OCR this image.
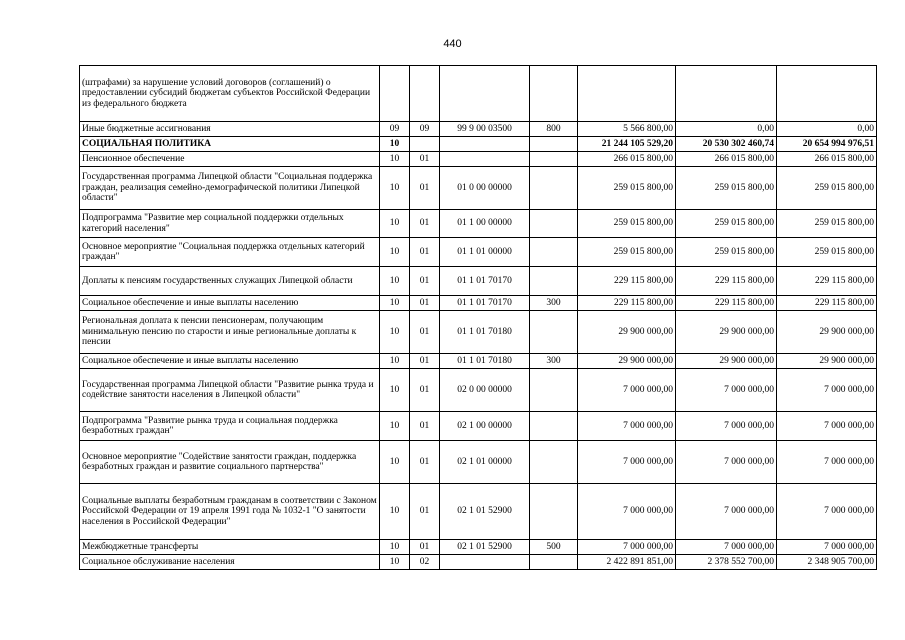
440
(штрафами) за нарушение условий договоров (соглашений) о предоставлении субсидий бюджетам субъектов Российской Федерации из федерального бюджета							
Иные бюджетные ассигнования	09	09	99 9 00 03500	800	5 566 800,00	0,00	0,00
СОЦИАЛЬНАЯ ПОЛИТИКА	10				21 244 105 529,20	20 530 302 460,74	20 654 994 976,51
Пенсионное обеспечение	10	01			266 015 800,00	266 015 800,00	266 015 800,00
Государственная программа Липецкой области "Социальная поддержка граждан, реализация семейно-демографической политики Липецкой области"	10	01	01 0 00 00000		259 015 800,00	259 015 800,00	259 015 800,00
Подпрограмма "Развитие мер социальной поддержки отдельных категорий населения"	10	01	01 1 00 00000		259 015 800,00	259 015 800,00	259 015 800,00
Основное мероприятие "Социальная поддержка отдельных категорий граждан"	10	01	01 1 01 00000		259 015 800,00	259 015 800,00	259 015 800,00
Доплаты к пенсиям государственных служащих Липецкой области	10	01	01 1 01 70170		229 115 800,00	229 115 800,00	229 115 800,00
Социальное обеспечение и иные выплаты населению	10	01	01 1 01 70170	300	229 115 800,00	229 115 800,00	229 115 800,00
Региональная доплата к пенсии пенсионерам, получающим минимальную пенсию по старости и иные региональные доплаты к пенсии	10	01	01 1 01 70180		29 900 000,00	29 900 000,00	29 900 000,00
Социальное обеспечение и иные выплаты населению	10	01	01 1 01 70180	300	29 900 000,00	29 900 000,00	29 900 000,00
Государственная программа Липецкой области "Развитие рынка труда и содействие занятости населения в Липецкой области"	10	01	02 0 00 00000		7 000 000,00	7 000 000,00	7 000 000,00
Подпрограмма "Развитие рынка труда и социальная поддержка безработных граждан"	10	01	02 1 00 00000		7 000 000,00	7 000 000,00	7 000 000,00
Основное мероприятие "Содействие занятости граждан, поддержка безработных граждан и развитие социального партнерства"	10	01	02 1 01 00000		7 000 000,00	7 000 000,00	7 000 000,00
Социальные выплаты безработным гражданам в соответствии с Законом Российской Федерации от 19 апреля 1991 года № 1032-1 "О занятости населения в Российской Федерации"	10	01	02 1 01 52900		7 000 000,00	7 000 000,00	7 000 000,00
Межбюджетные трансферты	10	01	02 1 01 52900	500	7 000 000,00	7 000 000,00	7 000 000,00
Социальное обслуживание населения	10	02			2 422 891 851,00	2 378 552 700,00	2 348 905 700,00
